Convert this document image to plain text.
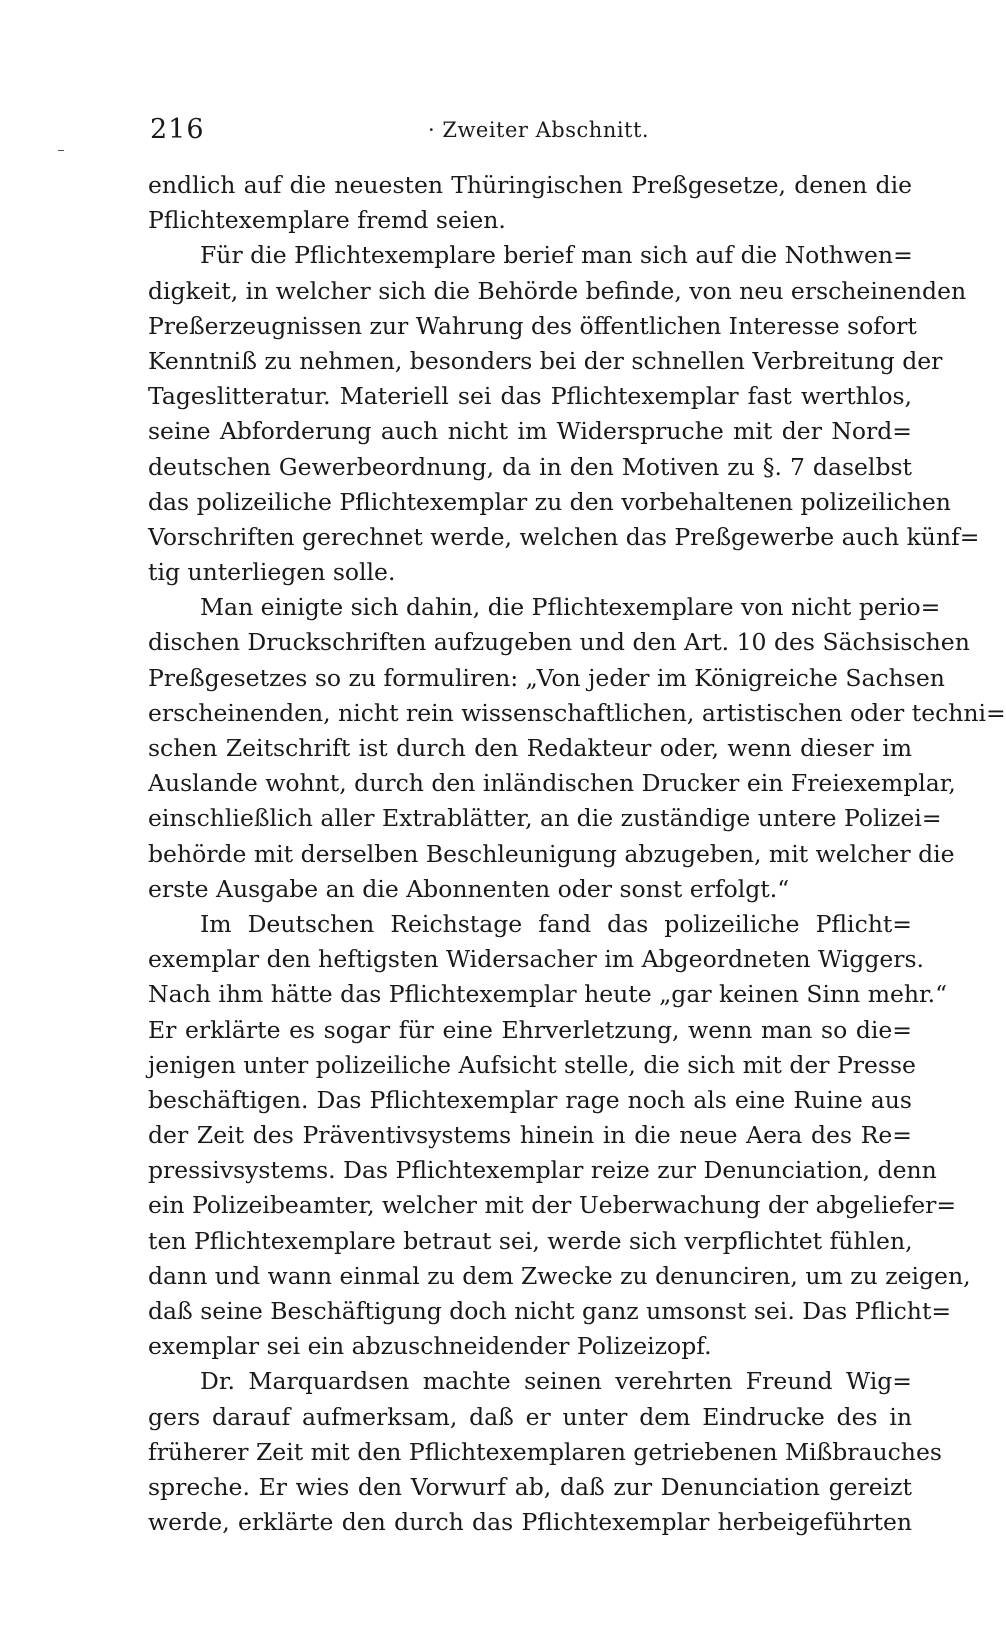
216	· Zweiter Abschnitt.
endlich auf die neuesten Thüringischen Preßgesetze, denen die
Pflichtexemplare fremd seien.
Für die Pflichtexemplare berief man sich auf die Nothwen=
digkeit, in welcher sich die Behörde befinde, von neu erscheinenden
Preßerzeugnissen zur Wahrung des öffentlichen Interesse sofort
Kenntniß zu nehmen, besonders bei der schnellen Verbreitung der
Tageslitteratur. Materiell sei das Pflichtexemplar fast werthlos,
seine Abforderung auch nicht im Widerspruche mit der Nord=
deutschen Gewerbeordnung, da in den Motiven zu §. 7 daselbst
das polizeiliche Pflichtexemplar zu den vorbehaltenen polizeilichen
Vorschriften gerechnet werde, welchen das Preßgewerbe auch künf=
tig unterliegen solle.
Man einigte sich dahin, die Pflichtexemplare von nicht perio=
dischen Druckschriften aufzugeben und den Art. 10 des Sächsischen
Preßgesetzes so zu formuliren: „Von jeder im Königreiche Sachsen
erscheinenden, nicht rein wissenschaftlichen, artistischen oder techni=
schen Zeitschrift ist durch den Redakteur oder, wenn dieser im
Auslande wohnt, durch den inländischen Drucker ein Freiexemplar,
einschließlich aller Extrablätter, an die zuständige untere Polizei=
behörde mit derselben Beschleunigung abzugeben, mit welcher die
erste Ausgabe an die Abonnenten oder sonst erfolgt.“
Im Deutschen Reichstage fand das polizeiliche Pflicht=
exemplar den heftigsten Widersacher im Abgeordneten Wiggers.
Nach ihm hätte das Pflichtexemplar heute „gar keinen Sinn mehr.“
Er erklärte es sogar für eine Ehrverletzung, wenn man so die=
jenigen unter polizeiliche Aufsicht stelle, die sich mit der Presse
beschäftigen. Das Pflichtexemplar rage noch als eine Ruine aus
der Zeit des Präventivsystems hinein in die neue Aera des Re=
pressivsystems. Das Pflichtexemplar reize zur Denunciation, denn
ein Polizeibeamter, welcher mit der Ueberwachung der abgeliefer=
ten Pflichtexemplare betraut sei, werde sich verpflichtet fühlen,
dann und wann einmal zu dem Zwecke zu denunciren, um zu zeigen,
daß seine Beschäftigung doch nicht ganz umsonst sei. Das Pflicht=
exemplar sei ein abzuschneidender Polizeizopf.
Dr. Marquardsen machte seinen verehrten Freund Wig=
gers darauf aufmerksam, daß er unter dem Eindrucke des in
früherer Zeit mit den Pflichtexemplaren getriebenen Mißbrauches
spreche. Er wies den Vorwurf ab, daß zur Denunciation gereizt
werde, erklärte den durch das Pflichtexemplar herbeigeführten
